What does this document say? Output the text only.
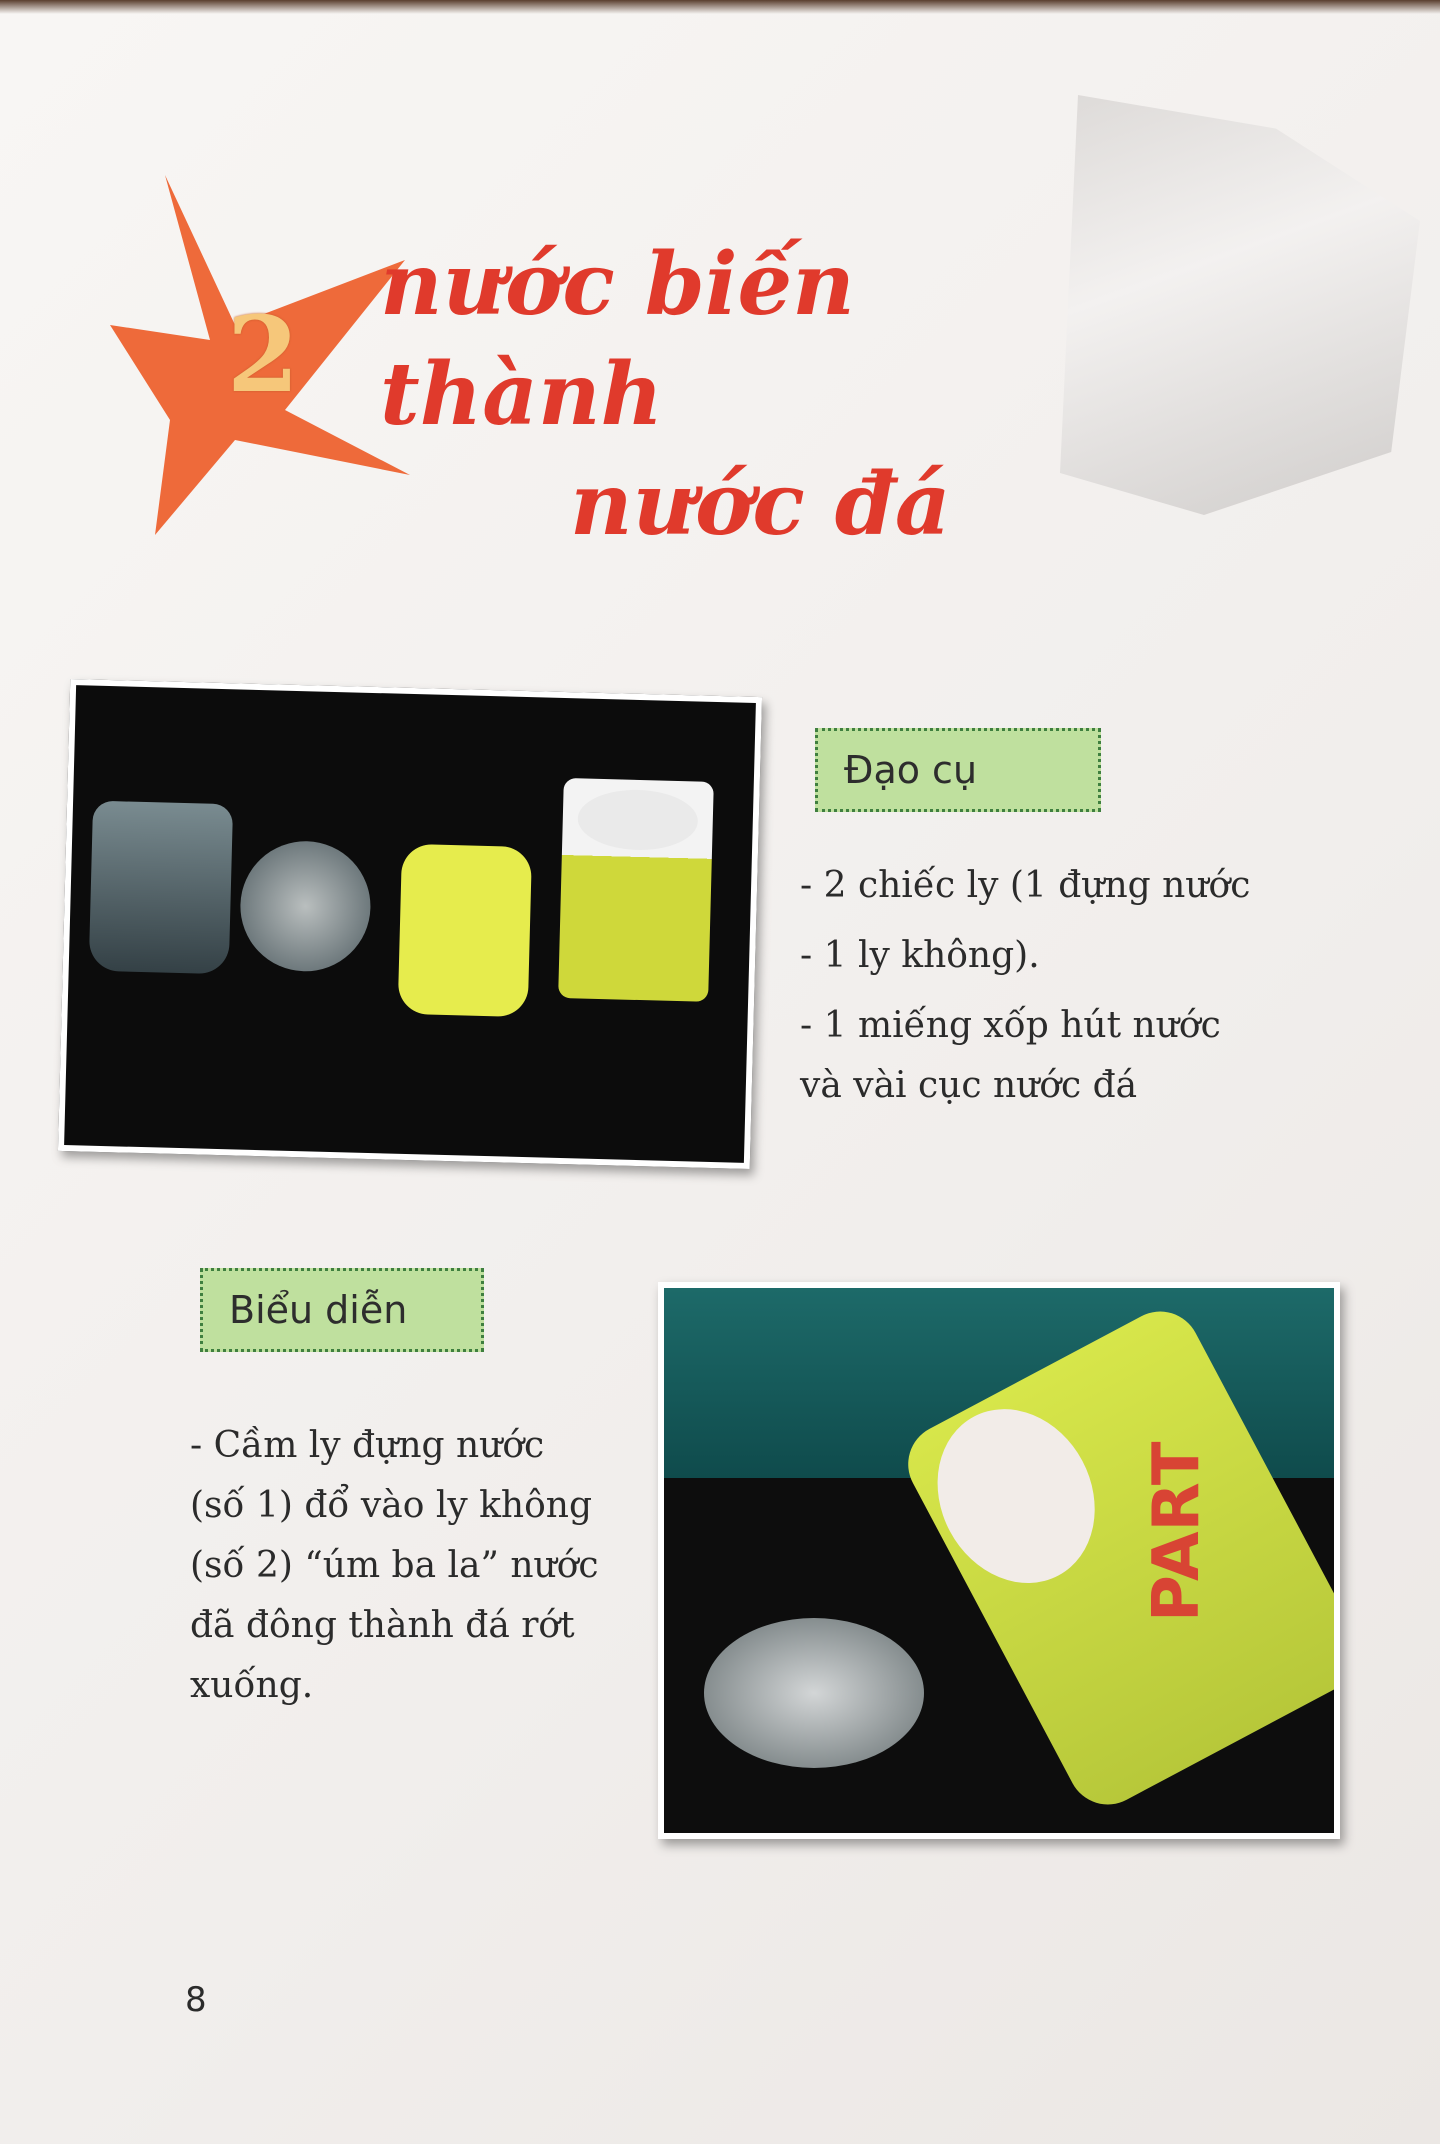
2
nước biến thành
nước đá
Đạo cụ

- 2 chiếc ly (1 đựng nước

- 1 ly không).

- 1 miếng xốp hút nước

và vài cục nước đá

Biểu diễn
- Cầm ly đựng nước
(số 1) đổ vào ly không
(số 2) “úm ba la” nước
đã đông thành đá rớt
xuống.
PART
8
